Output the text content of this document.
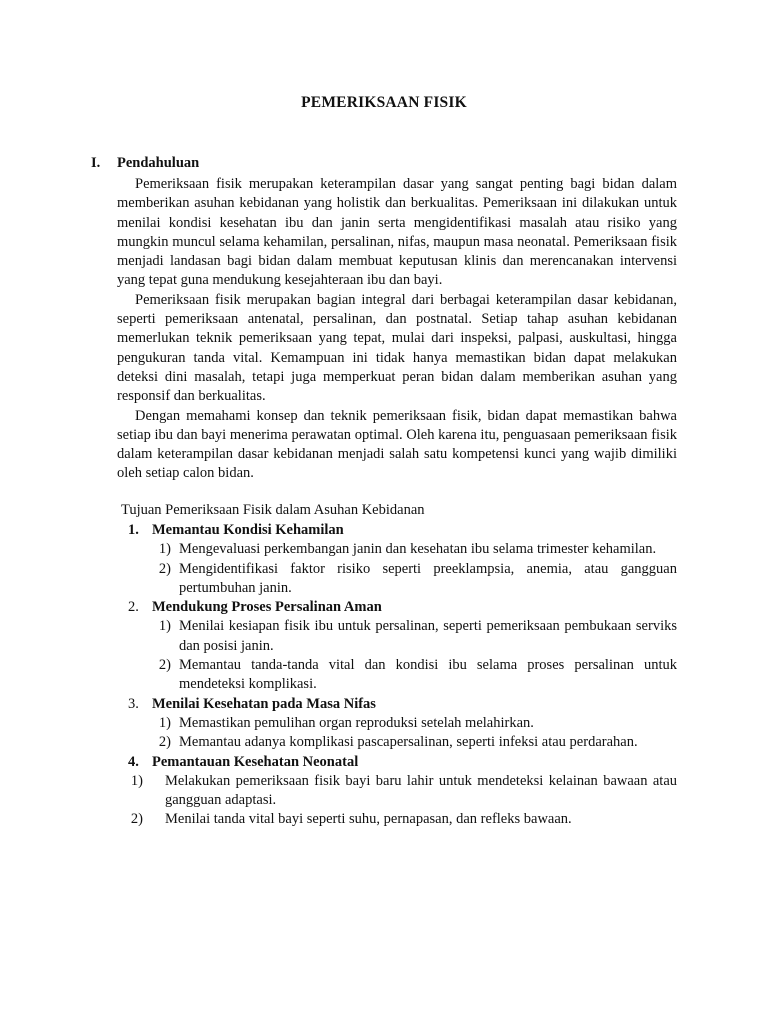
PEMERIKSAAN FISIK
I. Pendahuluan

Pemeriksaan fisik merupakan keterampilan dasar yang sangat penting bagi bidan dalam memberikan asuhan kebidanan yang holistik dan berkualitas. Pemeriksaan ini dilakukan untuk menilai kondisi kesehatan ibu dan janin serta mengidentifikasi masalah atau risiko yang mungkin muncul selama kehamilan, persalinan, nifas, maupun masa neonatal. Pemeriksaan fisik menjadi landasan bagi bidan dalam membuat keputusan klinis dan merencanakan intervensi yang tepat guna mendukung kesejahteraan ibu dan bayi.

Pemeriksaan fisik merupakan bagian integral dari berbagai keterampilan dasar kebidanan, seperti pemeriksaan antenatal, persalinan, dan postnatal. Setiap tahap asuhan kebidanan memerlukan teknik pemeriksaan yang tepat, mulai dari inspeksi, palpasi, auskultasi, hingga pengukuran tanda vital. Kemampuan ini tidak hanya memastikan bidan dapat melakukan deteksi dini masalah, tetapi juga memperkuat peran bidan dalam memberikan asuhan yang responsif dan berkualitas.

Dengan memahami konsep dan teknik pemeriksaan fisik, bidan dapat memastikan bahwa setiap ibu dan bayi menerima perawatan optimal. Oleh karena itu, penguasaan pemeriksaan fisik dalam keterampilan dasar kebidanan menjadi salah satu kompetensi kunci yang wajib dimiliki oleh setiap calon bidan.

Tujuan Pemeriksaan Fisik dalam Asuhan Kebidanan
1. Memantau Kondisi Kehamilan
1) Mengevaluasi perkembangan janin dan kesehatan ibu selama trimester kehamilan.
2) Mengidentifikasi faktor risiko seperti preeklampsia, anemia, atau gangguan pertumbuhan janin.
2. Mendukung Proses Persalinan Aman
1) Menilai kesiapan fisik ibu untuk persalinan, seperti pemeriksaan pembukaan serviks dan posisi janin.
2) Memantau tanda-tanda vital dan kondisi ibu selama proses persalinan untuk mendeteksi komplikasi.
3. Menilai Kesehatan pada Masa Nifas
1) Memastikan pemulihan organ reproduksi setelah melahirkan.
2) Memantau adanya komplikasi pascapersalinan, seperti infeksi atau perdarahan.
4. Pemantauan Kesehatan Neonatal
1)	Melakukan pemeriksaan fisik bayi baru lahir untuk mendeteksi kelainan bawaan atau gangguan adaptasi.
2)	Menilai tanda vital bayi seperti suhu, pernapasan, dan refleks bawaan.
